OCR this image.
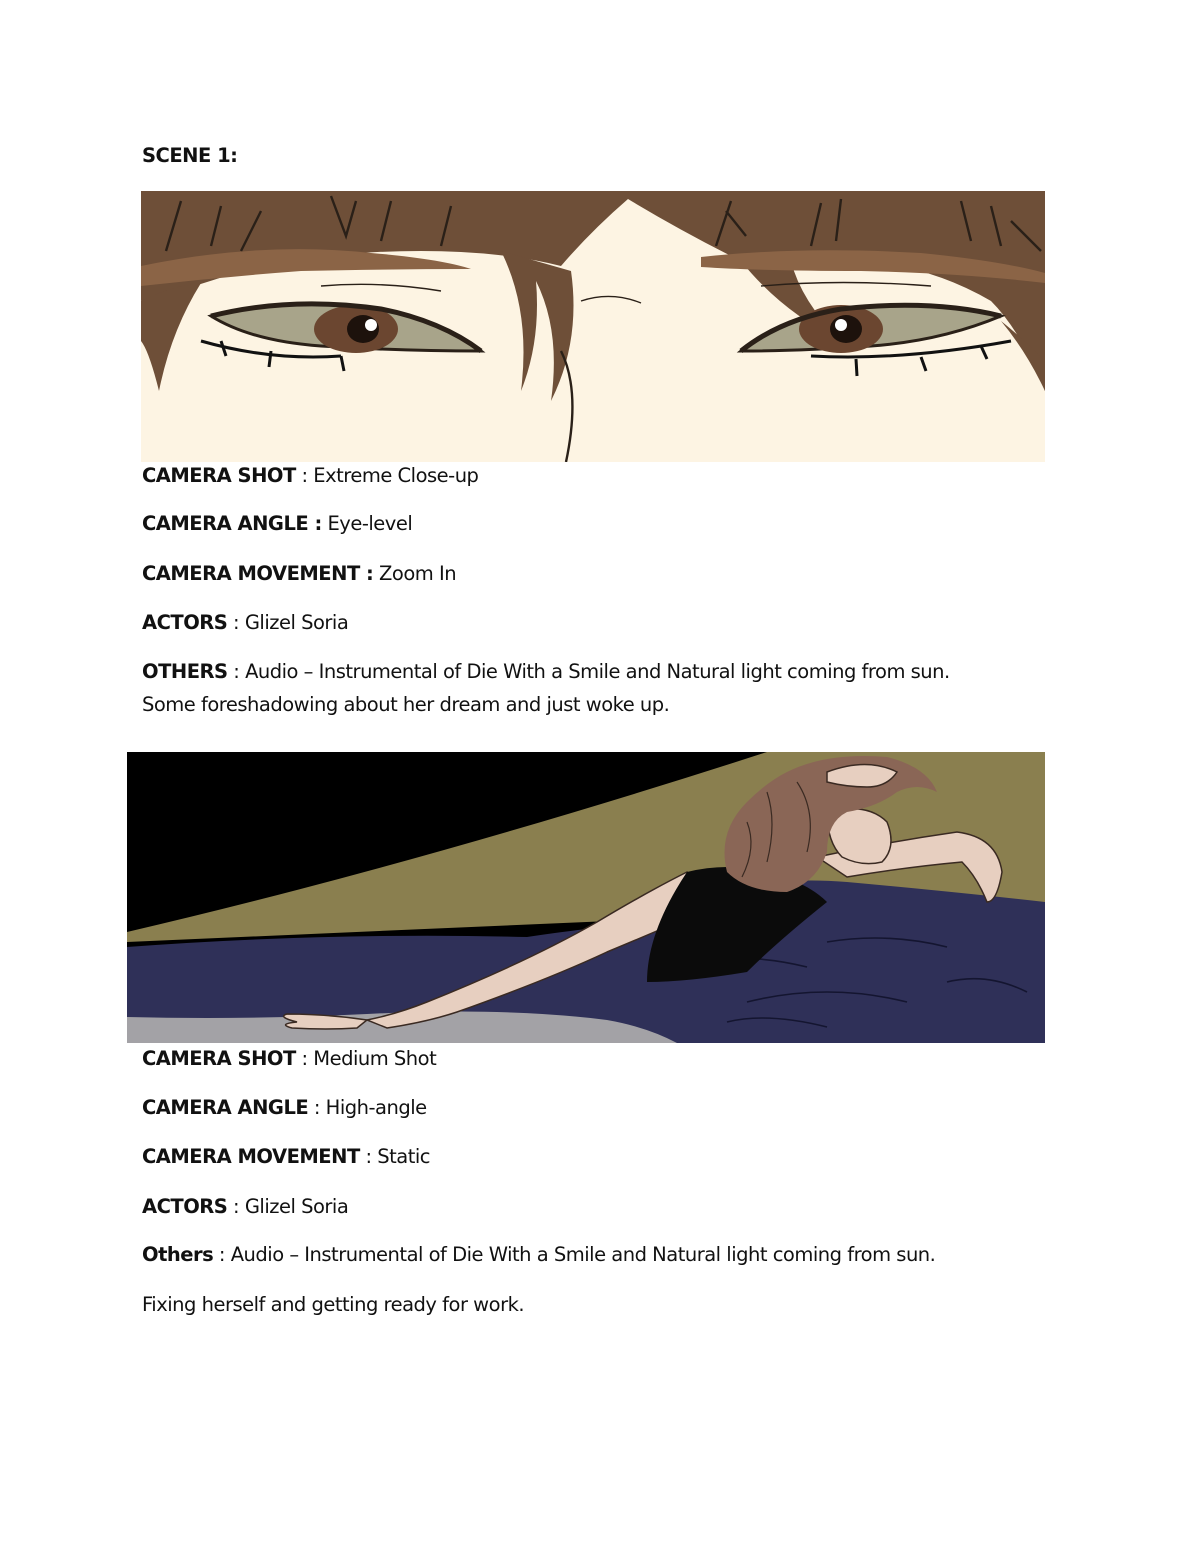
SCENE 1:
CAMERA SHOT : Extreme Close-up
CAMERA ANGLE : Eye-level
CAMERA MOVEMENT : Zoom In
ACTORS : Glizel Soria
OTHERS : Audio – Instrumental of Die With a Smile and Natural light coming from sun.
Some foreshadowing about her dream and just woke up.
CAMERA SHOT : Medium Shot
CAMERA ANGLE : High-angle
CAMERA MOVEMENT : Static
ACTORS : Glizel Soria
Others : Audio – Instrumental of Die With a Smile and Natural light coming from sun.
Fixing herself and getting ready for work.
